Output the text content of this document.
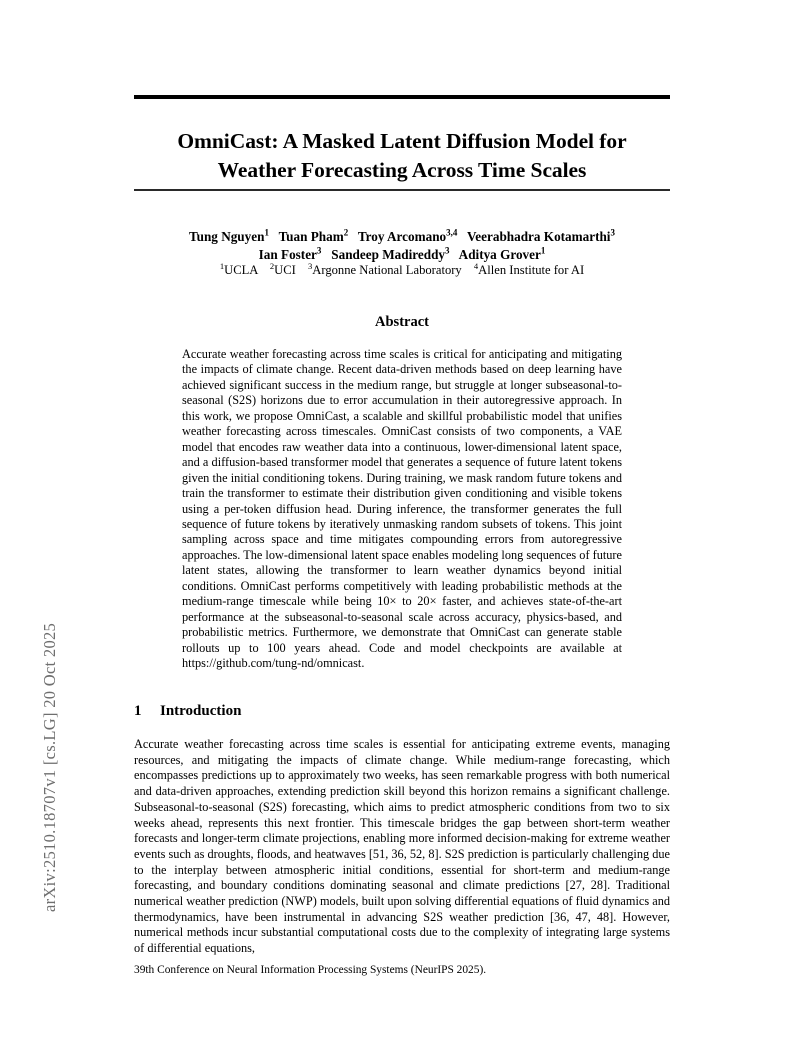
arXiv:2510.18707v1 [cs.LG] 20 Oct 2025
OmniCast: A Masked Latent Diffusion Model for
Weather Forecasting Across Time Scales
Tung Nguyen$^1$ Tuan Pham$^2$ Troy Arcomano$^{3,4}$ Veerabhadra Kotamarthi$^3$
Ian Foster$^3$ Sandeep Madireddy$^3$ Aditya Grover$^1$
$^1$UCLA $^2$UCI $^3$Argonne National Laboratory $^4$Allen Institute for AI
Abstract
Accurate weather forecasting across time scales is critical for anticipating and mitigating the impacts of climate change. Recent data-driven methods based on deep learning have achieved significant success in the medium range, but struggle at longer subseasonal-to-seasonal (S2S) horizons due to error accumulation in their autoregressive approach. In this work, we propose OmniCast, a scalable and skillful probabilistic model that unifies weather forecasting across timescales. OmniCast consists of two components, a VAE model that encodes raw weather data into a continuous, lower-dimensional latent space, and a diffusion-based transformer model that generates a sequence of future latent tokens given the initial conditioning tokens. During training, we mask random future tokens and train the transformer to estimate their distribution given conditioning and visible tokens using a per-token diffusion head. During inference, the transformer generates the full sequence of future tokens by iteratively unmasking random subsets of tokens. This joint sampling across space and time mitigates compounding errors from autoregressive approaches. The low-dimensional latent space enables modeling long sequences of future latent states, allowing the transformer to learn weather dynamics beyond initial conditions. OmniCast performs competitively with leading probabilistic methods at the medium-range timescale while being 10× to 20× faster, and achieves state-of-the-art performance at the subseasonal-to-seasonal scale across accuracy, physics-based, and probabilistic metrics. Furthermore, we demonstrate that OmniCast can generate stable rollouts up to 100 years ahead. Code and model checkpoints are available at https://github.com/tung-nd/omnicast.
1 Introduction
Accurate weather forecasting across time scales is essential for anticipating extreme events, managing resources, and mitigating the impacts of climate change. While medium-range forecasting, which encompasses predictions up to approximately two weeks, has seen remarkable progress with both numerical and data-driven approaches, extending prediction skill beyond this horizon remains a significant challenge. Subseasonal-to-seasonal (S2S) forecasting, which aims to predict atmospheric conditions from two to six weeks ahead, represents this next frontier. This timescale bridges the gap between short-term weather forecasts and longer-term climate projections, enabling more informed decision-making for extreme weather events such as droughts, floods, and heatwaves [51, 36, 52, 8]. S2S prediction is particularly challenging due to the interplay between atmospheric initial conditions, essential for short-term and medium-range forecasting, and boundary conditions dominating seasonal and climate predictions [27, 28]. Traditional numerical weather prediction (NWP) models, built upon solving differential equations of fluid dynamics and thermodynamics, have been instrumental in advancing S2S weather prediction [36, 47, 48]. However, numerical methods incur substantial computational costs due to the complexity of integrating large systems of differential equations,
39th Conference on Neural Information Processing Systems (NeurIPS 2025).
